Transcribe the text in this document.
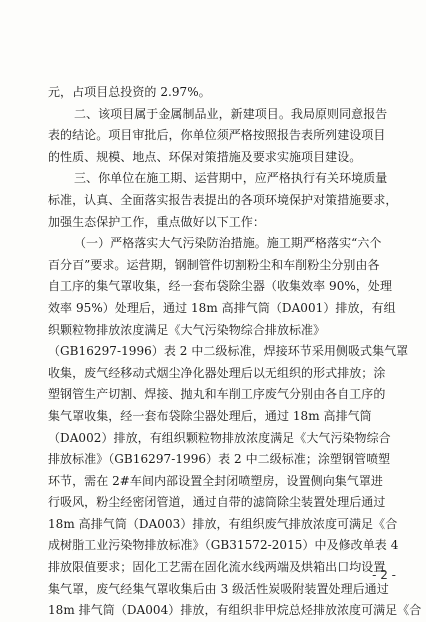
元，占项目总投资的 2.97%。
二、该项目属于金属制品业，新建项目。我局原则同意报告
表的结论。项目审批后，你单位须严格按照报告表所列建设项目
的性质、规模、地点、环保对策措施及要求实施项目建设。
三、你单位在施工期、运营期中，应严格执行有关环境质量
标准，认真、全面落实报告表提出的各项环境保护对策措施要求，
加强生态保护工作，重点做好以下工作：
（一）严格落实大气污染防治措施。施工期严格落实“六个
百分百”要求。运营期，钢制管件切割粉尘和车削粉尘分别由各
自工序的集气罩收集，经一套布袋除尘器（收集效率 90%，处理
效率 95%）处理后，通过 18m 高排气筒（DA001）排放，有组
织颗粒物排放浓度满足《大气污染物综合排放标准》
（GB16297-1996）表 2 中二级标准，焊接环节采用侧吸式集气罩
收集，废气经移动式烟尘净化器处理后以无组织的形式排放；涂
塑钢管生产切割、焊接、抛丸和车削工序废气分别由各自工序的
集气罩收集，经一套布袋除尘器处理后，通过 18m 高排气筒
（DA002）排放，有组织颗粒物排放浓度满足《大气污染物综合
排放标准》（GB16297-1996）表 2 中二级标准；涂塑钢管喷塑
环节，需在 2#车间内部设置全封闭喷塑房，设置侧向集气罩进
行吸风，粉尘经密闭管道，通过自带的滤筒除尘装置处理后通过
18m 高排气筒（DA003）排放，有组织废气排放浓度可满足《合
成树脂工业污染物排放标准》（GB31572-2015）中及修改单表 4
排放限值要求；固化工艺需在固化流水线两端及烘箱出口均设置
集气罩，废气经集气罩收集后由 3 级活性炭吸附装置处理后通过
18m 排气筒（DA004）排放，有组织非甲烷总烃排放浓度可满足《合
- 2 -
